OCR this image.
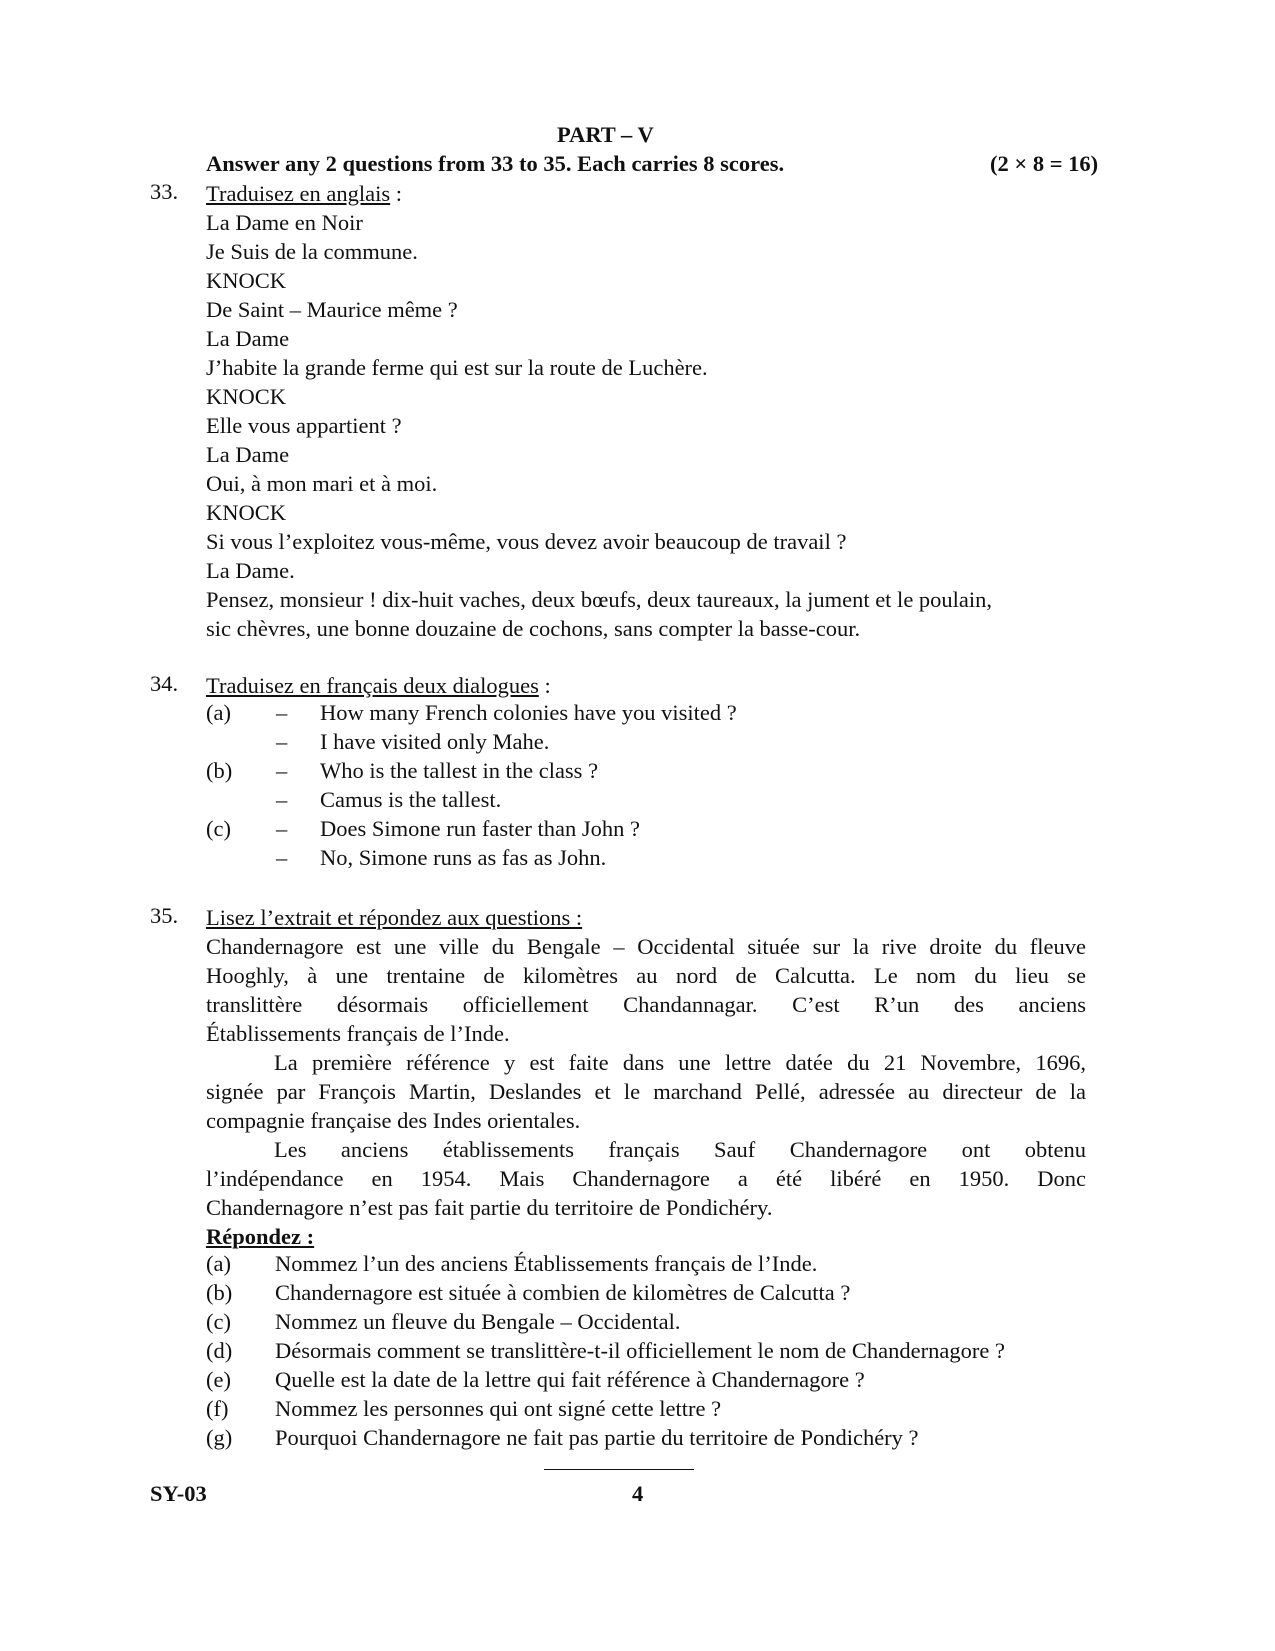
PART – V
Answer any 2 questions from 33 to 35. Each carries 8 scores.	(2 × 8 = 16)
33. Traduisez en anglais :
La Dame en Noir
Je Suis de la commune.
KNOCK
De Saint – Maurice même ?
La Dame
J’habite la grande ferme qui est sur la route de Luchère.
KNOCK
Elle vous appartient ?
La Dame
Oui, à mon mari et à moi.
KNOCK
Si vous l’exploitez vous-même, vous devez avoir beaucoup de travail ?
La Dame.
Pensez, monsieur ! dix-huit vaches, deux bœufs, deux taureaux, la jument et le poulain,
sic chèvres, une bonne douzaine de cochons, sans compter la basse-cour.
34. Traduisez en français deux dialogues :
(a) – How many French colonies have you visited ?
– I have visited only Mahe.
(b) – Who is the tallest in the class ?
– Camus is the tallest.
(c) – Does Simone run faster than John ?
– No, Simone runs as fas as John.
35. Lisez l’extrait et répondez aux questions :
Chandernagore est une ville du Bengale – Occidental située sur la rive droite du fleuve
Hooghly, à une trentaine de kilomètres au nord de Calcutta. Le nom du lieu se
translittère désormais officiellement Chandannagar. C’est R’un des anciens
Établissements français de l’Inde.
La première référence y est faite dans une lettre datée du 21 Novembre, 1696,
signée par François Martin, Deslandes et le marchand Pellé, adressée au directeur de la
compagnie française des Indes orientales.
Les anciens établissements français Sauf Chandernagore ont obtenu
l’indépendance en 1954. Mais Chandernagore a été libéré en 1950. Donc
Chandernagore n’est pas fait partie du territoire de Pondichéry.
Répondez :
(a) Nommez l’un des anciens Établissements français de l’Inde.
(b) Chandernagore est située à combien de kilomètres de Calcutta ?
(c) Nommez un fleuve du Bengale – Occidental.
(d) Désormais comment se translittère-t-il officiellement le nom de Chandernagore ?
(e) Quelle est la date de la lettre qui fait référence à Chandernagore ?
(f) Nommez les personnes qui ont signé cette lettre ?
(g) Pourquoi Chandernagore ne fait pas partie du territoire de Pondichéry ?
SY-03	4
